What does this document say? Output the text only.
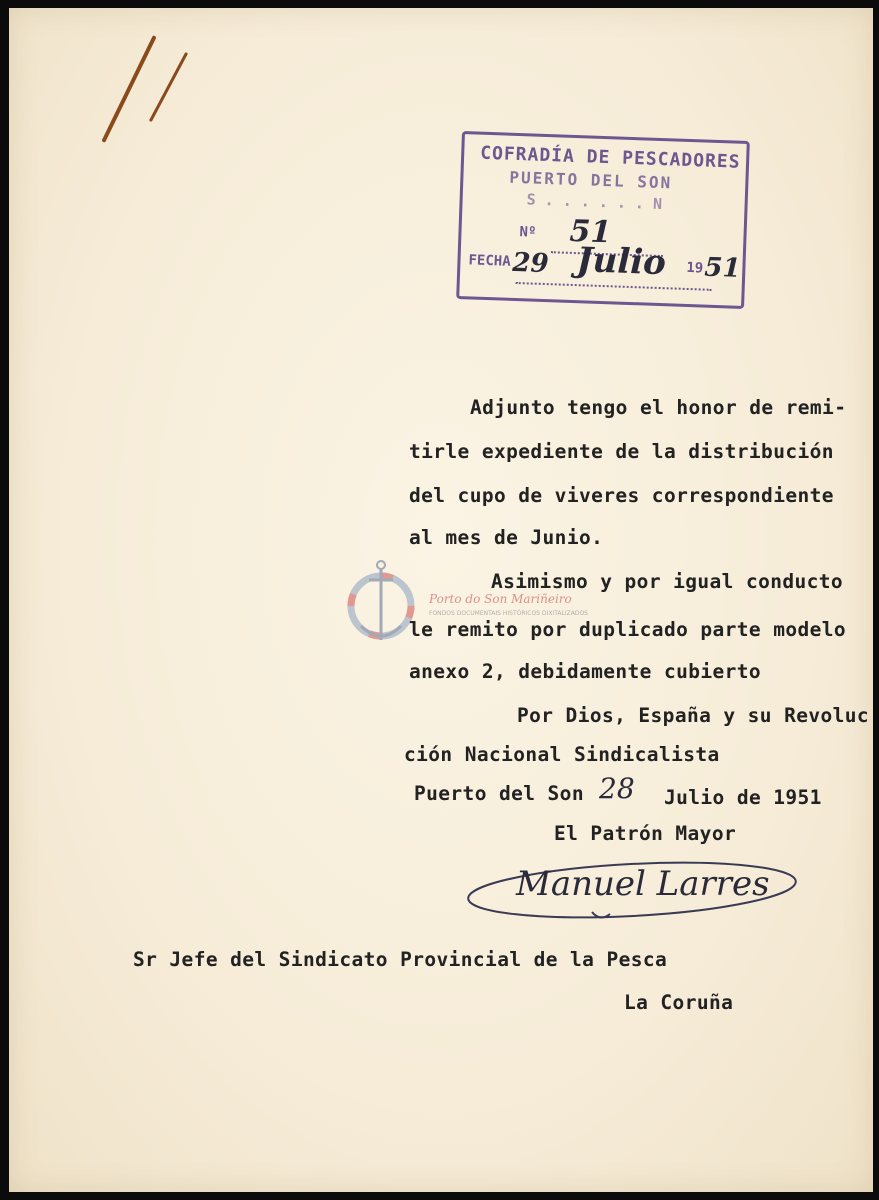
COFRADÍA DE PESCADORES
PUERTO DEL SON
S . . . . . . N
Nº 51
FECHA 29 Julio 19 51
Porto do Son Mariñeiro
FONDOS DOCUMENTAIS HISTÓRICOS DIXITALIZADOS
Adjunto tengo el honor de remi-
tirle expediente de la distribución
del cupo de viveres correspondiente
al mes de Junio.
Asimismo y por igual conducto
le remito por duplicado parte modelo
anexo 2, debidamente cubierto
Por Dios, España y su Revoluc
ción Nacional Sindicalista
Puerto del Son 28 Julio de 1951
El Patrón Mayor
Manuel Larres
Sr Jefe del Sindicato Provincial de la Pesca
La Coruña
